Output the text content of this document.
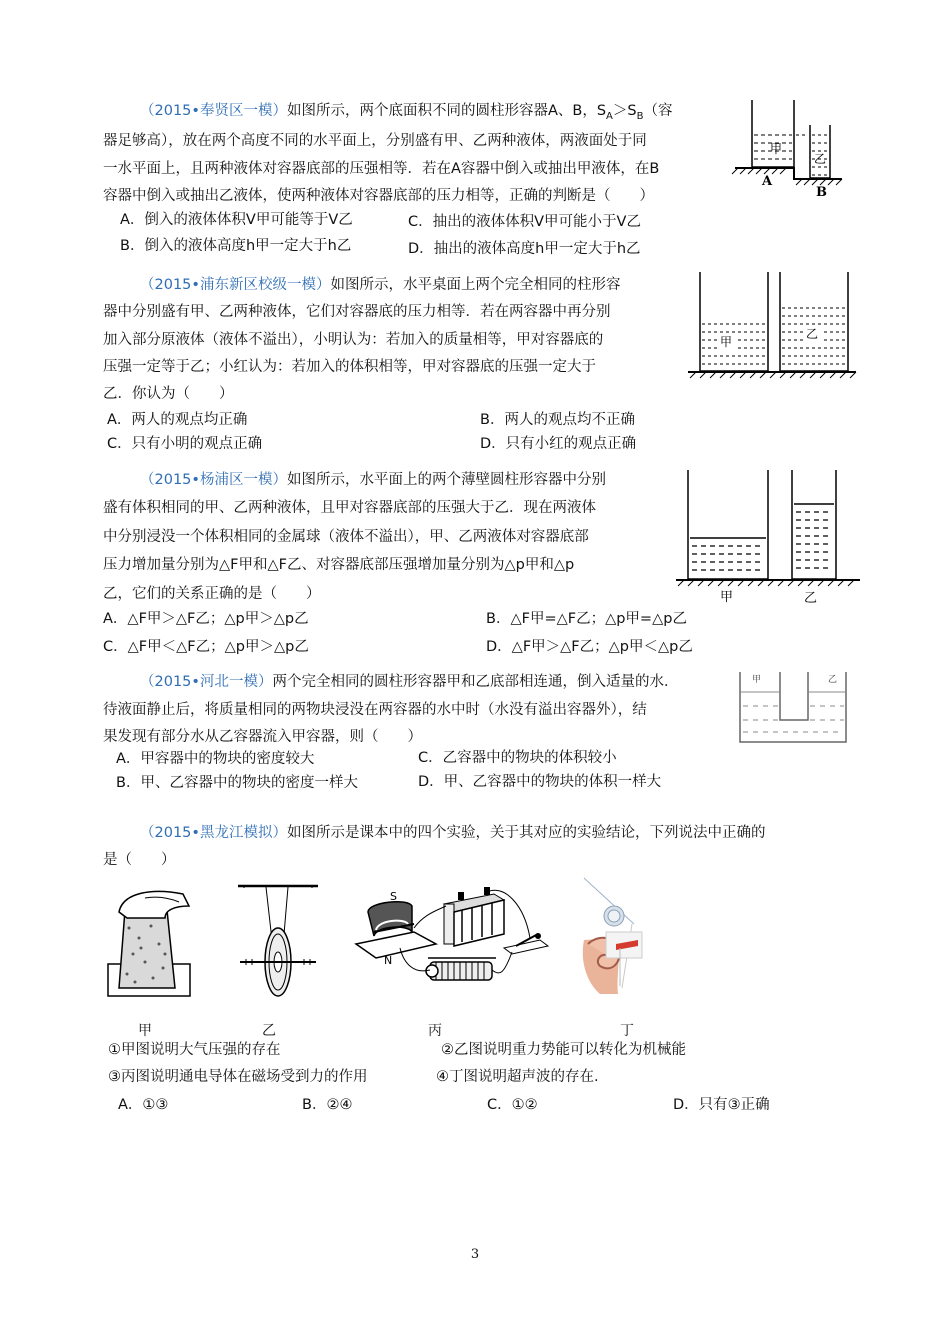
（2015•奉贤区一模）如图所示，两个底面积不同的圆柱形容器A、B，$S_A>S_B$（容
器足够高），放在两个高度不同的水平面上，分别盛有甲、乙两种液体，两液面处于同
一水平面上，且两种液体对容器底部的压强相等．若在A容器中倒入或抽出甲液体，在B
容器中倒入或抽出乙液体，使两种液体对容器底部的压力相等，正确的判断是（　　）
A．倒入的液体体积V甲可能等于V乙	C．抽出的液体体积V甲可能小于V乙
B．倒入的液体高度h甲一定大于h乙	D．抽出的液体高度h甲一定大于h乙
甲
乙
A
B
（2015•浦东新区校级一模）如图所示，水平桌面上两个完全相同的柱形容
器中分别盛有甲、乙两种液体，它们对容器底的压力相等．若在两容器中再分别
加入部分原液体（液体不溢出），小明认为：若加入的质量相等，甲对容器底的
压强一定等于乙；小红认为：若加入的体积相等，甲对容器底的压强一定大于
乙．你认为（　　）
A．两人的观点均正确	B．两人的观点均不正确
C．只有小明的观点正确	D．只有小红的观点正确
甲
乙
（2015•杨浦区一模）如图所示，水平面上的两个薄壁圆柱形容器中分别
盛有体积相同的甲、乙两种液体，且甲对容器底部的压强大于乙．现在两液体
中分别浸没一个体积相同的金属球（液体不溢出），甲、乙两液体对容器底部
压力增加量分别为△F甲和△F乙、对容器底部压强增加量分别为△p甲和△p
乙，它们的关系正确的是（　　）
A．△F甲＞△F乙；△p甲＞△p乙	B．△F甲=△F乙；△p甲=△p乙
C．△F甲＜△F乙；△p甲＞△p乙	D．△F甲＞△F乙；△p甲＜△p乙
甲	乙
（2015•河北一模）两个完全相同的圆柱形容器甲和乙底部相连通，倒入适量的水．
待液面静止后，将质量相同的两物块浸没在两容器的水中时（水没有溢出容器外），结
果发现有部分水从乙容器流入甲容器，则（　　）
A．甲容器中的物块的密度较大	C．乙容器中的物块的体积较小
B．甲、乙容器中的物块的密度一样大	D．甲、乙容器中的物块的体积一样大
甲	乙
（2015•黑龙江模拟）如图所示是课本中的四个实验，关于其对应的实验结论，下列说法中正确的
是（　　）
S
N
甲	乙	丙	丁
①甲图说明大气压强的存在	②乙图说明重力势能可以转化为机械能
③丙图说明通电导体在磁场受到力的作用	④丁图说明超声波的存在.
A．①③	B．②④	C．①②	D．只有③正确
3
